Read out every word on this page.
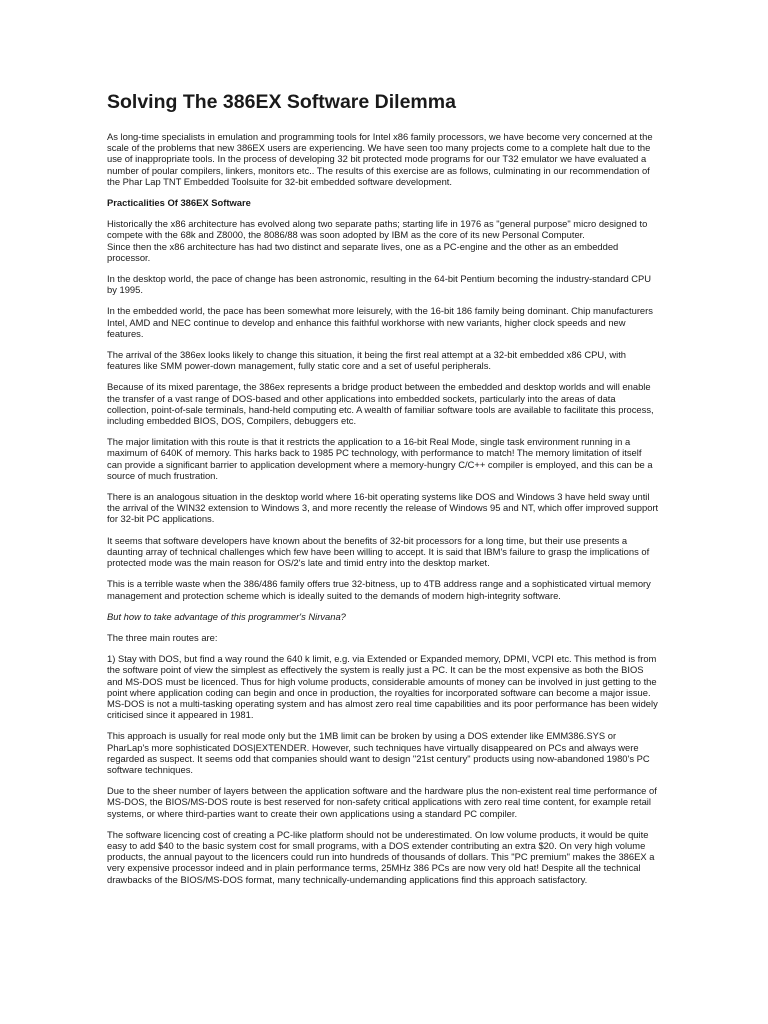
Solving The 386EX Software Dilemma

As long-time specialists in emulation and programming tools for Intel x86 family processors, we have become very concerned at the scale of the problems that new 386EX users are experiencing. We have seen too many projects come to a complete halt due to the use of inappropriate tools. In the process of developing 32 bit protected mode programs for our T32 emulator we have evaluated a number of poular compilers, linkers, monitors etc.. The results of this exercise are as follows, culminating in our recommendation of the Phar Lap TNT Embedded Toolsuite for 32-bit embedded software development.

Practicalities Of 386EX Software

Historically the x86 architecture has evolved along two separate paths; starting life in 1976 as "general purpose" micro designed to compete with the 68k and Z8000, the 8086/88 was soon adopted by IBM as the core of its new Personal Computer.

Since then the x86 architecture has had two distinct and separate lives, one as a PC-engine and the other as an embedded processor.

In the desktop world, the pace of change has been astronomic, resulting in the 64-bit Pentium becoming the industry-standard CPU by 1995.

In the embedded world, the pace has been somewhat more leisurely, with the 16-bit 186 family being dominant. Chip manufacturers Intel, AMD and NEC continue to develop and enhance this faithful workhorse with new variants, higher clock speeds and new features.

The arrival of the 386ex looks likely to change this situation, it being the first real attempt at a 32-bit embedded x86 CPU, with features like SMM power-down management, fully static core and a set of useful peripherals.

Because of its mixed parentage, the 386ex represents a bridge product between the embedded and desktop worlds and will enable the transfer of a vast range of DOS-based and other applications into embedded sockets, particularly into the areas of data collection, point-of-sale terminals, hand-held computing etc. A wealth of familiar software tools are available to facilitate this process, including embedded BIOS, DOS, Compilers, debuggers etc.

The major limitation with this route is that it restricts the application to a 16-bit Real Mode, single task environment running in a maximum of 640K of memory. This harks back to 1985 PC technology, with performance to match! The memory limitation of itself can provide a significant barrier to application development where a memory-hungry C/C++ compiler is employed, and this can be a source of much frustration.

There is an analogous situation in the desktop world where 16-bit operating systems like DOS and Windows 3 have held sway until the arrival of the WIN32 extension to Windows 3, and more recently the release of Windows 95 and NT, which offer improved support for 32-bit PC applications.

It seems that software developers have known about the benefits of 32-bit processors for a long time, but their use presents a daunting array of technical challenges which few have been willing to accept. It is said that IBM's failure to grasp the implications of protected mode was the main reason for OS/2's late and timid entry into the desktop market.

This is a terrible waste when the 386/486 family offers true 32-bitness, up to 4TB address range and a sophisticated virtual memory management and protection scheme which is ideally suited to the demands of modern high-integrity software.

But how to take advantage of this programmer's Nirvana?

The three main routes are:

1) Stay with DOS, but find a way round the 640 k limit, e.g. via Extended or Expanded memory, DPMI, VCPI etc. This method is from the software point of view the simplest as effectively the system is really just a PC. It can be the most expensive as both the BIOS and MS-DOS must be licenced. Thus for high volume products, considerable amounts of money can be involved in just getting to the point where application coding can begin and once in production, the royalties for incorporated software can become a major issue. MS-DOS is not a multi-tasking operating system and has almost zero real time capabilities and its poor performance has been widely criticised since it appeared in 1981.

This approach is usually for real mode only but the 1MB limit can be broken by using a DOS extender like EMM386.SYS or PharLap's more sophisticated DOS|EXTENDER. However, such techniques have virtually disappeared on PCs and always were regarded as suspect. It seems odd that companies should want to design "21st century" products using now-abandoned 1980's PC software techniques.

Due to the sheer number of layers between the application software and the hardware plus the non-existent real time performance of MS-DOS, the BIOS/MS-DOS route is best reserved for non-safety critical applications with zero real time content, for example retail systems, or where third-parties want to create their own applications using a standard PC compiler.

The software licencing cost of creating a PC-like platform should not be underestimated. On low volume products, it would be quite easy to add $40 to the basic system cost for small programs, with a DOS extender contributing an extra $20. On very high volume products, the annual payout to the licencers could run into hundreds of thousands of dollars. This "PC premium" makes the 386EX a very expensive processor indeed and in plain performance terms, 25MHz 386 PCs are now very old hat! Despite all the technical drawbacks of the BIOS/MS-DOS format, many technically-undemanding applications find this approach satisfactory.
